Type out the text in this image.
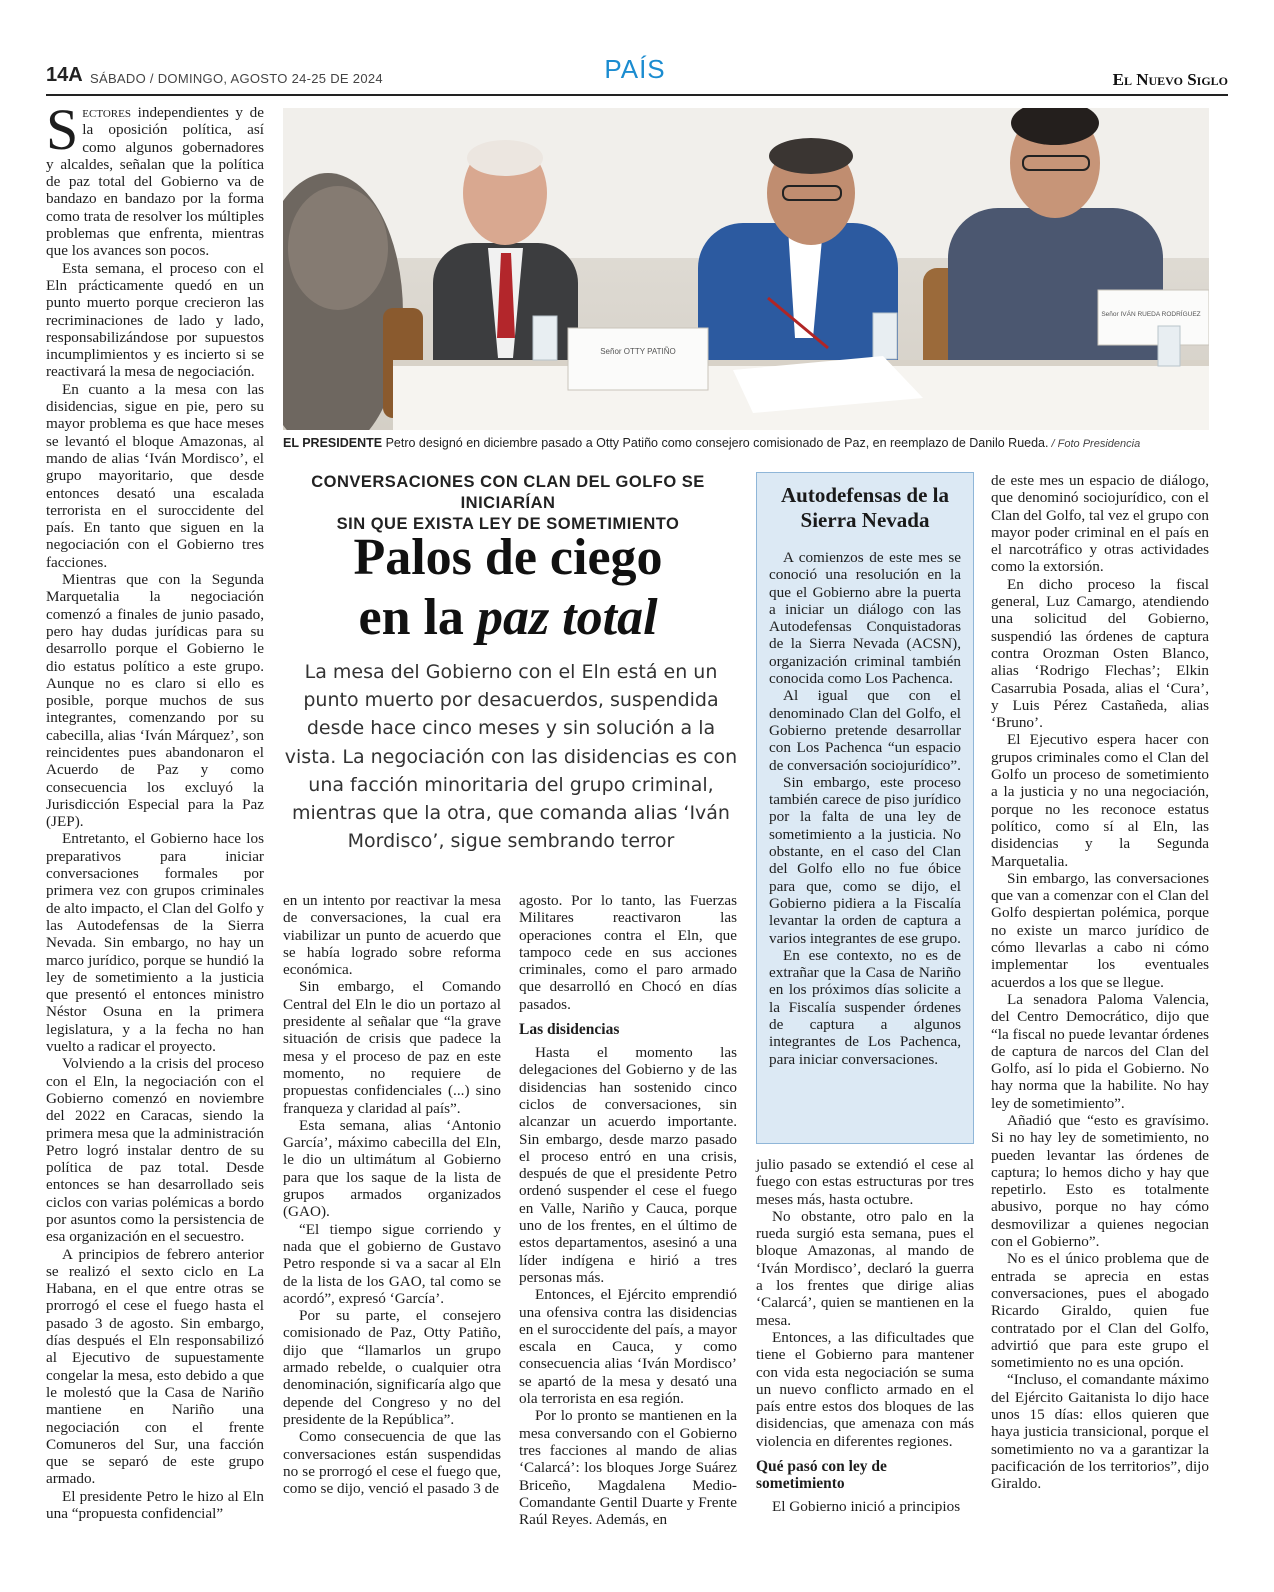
14A SÁBADO / DOMINGO, AGOSTO 24-25 DE 2024	PAÍS	El Nuevo Siglo

Sectores independientes y de la oposición política, así como algunos gobernadores y alcaldes, señalan que la política de paz total del Gobierno va de bandazo en bandazo por la forma como trata de resolver los múltiples problemas que enfrenta, mientras que los avances son pocos.

Esta semana, el proceso con el Eln prácticamente quedó en un punto muerto porque crecieron las recriminaciones de lado y lado, responsabilizándose por supuestos incumplimientos y es incierto si se reactivará la mesa de negociación.

En cuanto a la mesa con las disidencias, sigue en pie, pero su mayor problema es que hace meses se levantó el bloque Amazonas, al mando de alias ‘Iván Mordisco’, el grupo mayoritario, que desde entonces desató una escalada terrorista en el suroccidente del país. En tanto que siguen en la negociación con el Gobierno tres facciones.

Mientras que con la Segunda Marquetalia la negociación comenzó a finales de junio pasado, pero hay dudas jurídicas para su desarrollo porque el Gobierno le dio estatus político a este grupo. Aunque no es claro si ello es posible, porque muchos de sus integrantes, comenzando por su cabecilla, alias ‘Iván Márquez’, son reincidentes pues abandonaron el Acuerdo de Paz y como consecuencia los excluyó la Jurisdicción Especial para la Paz (JEP).

Entretanto, el Gobierno hace los preparativos para iniciar conversaciones formales por primera vez con grupos criminales de alto impacto, el Clan del Golfo y las Autodefensas de la Sierra Nevada. Sin embargo, no hay un marco jurídico, porque se hundió la ley de sometimiento a la justicia que presentó el entonces ministro Néstor Osuna en la primera legislatura, y a la fecha no han vuelto a radicar el proyecto.

Volviendo a la crisis del proceso con el Eln, la negociación con el Gobierno comenzó en noviembre del 2022 en Caracas, siendo la primera mesa que la administración Petro logró instalar dentro de su política de paz total. Desde entonces se han desarrollado seis ciclos con varias polémicas a bordo por asuntos como la persistencia de esa organización en el secuestro.

A principios de febrero anterior se realizó el sexto ciclo en La Habana, en el que entre otras se prorrogó el cese el fuego hasta el pasado 3 de agosto. Sin embargo, días después el Eln responsabilizó al Ejecutivo de supuestamente congelar la mesa, esto debido a que le molestó que la Casa de Nariño mantiene en Nariño una negociación con el frente Comuneros del Sur, una facción que se separó de este grupo armado.

El presidente Petro le hizo al Eln una “propuesta confidencial”

Señor OTTY PATIÑO
Señor IVÁN RUEDA RODRÍGUEZ
EL PRESIDENTE Petro designó en diciembre pasado a Otty Patiño como consejero comisionado de Paz, en reemplazo de Danilo Rueda. / Foto Presidencia
CONVERSACIONES CON CLAN DEL GOLFO SE INICIARÍAN
SIN QUE EXISTA LEY DE SOMETIMIENTO
Palos de ciego
en la paz total
La mesa del Gobierno con el Eln está en un punto muerto por desacuerdos, suspendida desde hace cinco meses y sin solución a la vista. La negociación con las disidencias es con una facción minoritaria del grupo criminal, mientras que la otra, que comanda alias ‘Iván Mordisco’, sigue sembrando terror

en un intento por reactivar la mesa de conversaciones, la cual era viabilizar un punto de acuerdo que se había logrado sobre reforma económica.

Sin embargo, el Comando Central del Eln le dio un portazo al presidente al señalar que “la grave situación de crisis que padece la mesa y el proceso de paz en este momento, no requiere de propuestas confidenciales (...) sino franqueza y claridad al país”.

Esta semana, alias ‘Antonio García’, máximo cabecilla del Eln, le dio un ultimátum al Gobierno para que los saque de la lista de grupos armados organizados (GAO).

“El tiempo sigue corriendo y nada que el gobierno de Gustavo Petro responde si va a sacar al Eln de la lista de los GAO, tal como se acordó”, expresó ‘García’.

Por su parte, el consejero comisionado de Paz, Otty Patiño, dijo que “llamarlos un grupo armado rebelde, o cualquier otra denominación, significaría algo que depende del Congreso y no del presidente de la República”.

Como consecuencia de que las conversaciones están suspendidas no se prorrogó el cese el fuego que, como se dijo, venció el pasado 3 de

agosto. Por lo tanto, las Fuerzas Militares reactivaron las operaciones contra el Eln, que tampoco cede en sus acciones criminales, como el paro armado que desarrolló en Chocó en días pasados.

Las disidencias

Hasta el momento las delegaciones del Gobierno y de las disidencias han sostenido cinco ciclos de conversaciones, sin alcanzar un acuerdo importante. Sin embargo, desde marzo pasado el proceso entró en una crisis, después de que el presidente Petro ordenó suspender el cese el fuego en Valle, Nariño y Cauca, porque uno de los frentes, en el último de estos departamentos, asesinó a una líder indígena e hirió a tres personas más.

Entonces, el Ejército emprendió una ofensiva contra las disidencias en el suroccidente del país, a mayor escala en Cauca, y como consecuencia alias ‘Iván Mordisco’ se apartó de la mesa y desató una ola terrorista en esa región.

Por lo pronto se mantienen en la mesa conversando con el Gobierno tres facciones al mando de alias ‘Calarcá’: los bloques Jorge Suárez Briceño, Magdalena Medio-Comandante Gentil Duarte y Frente Raúl Reyes. Además, en

Autodefensas de la Sierra Nevada

A comienzos de este mes se conoció una resolución en la que el Gobierno abre la puerta a iniciar un diálogo con las Autodefensas Conquistadoras de la Sierra Nevada (ACSN), organización criminal también conocida como Los Pachenca.

Al igual que con el denominado Clan del Golfo, el Gobierno pretende desarrollar con Los Pachenca “un espacio de conversación sociojurídico”.

Sin embargo, este proceso también carece de piso jurídico por la falta de una ley de sometimiento a la justicia. No obstante, en el caso del Clan del Golfo ello no fue óbice para que, como se dijo, el Gobierno pidiera a la Fiscalía levantar la orden de captura a varios integrantes de ese grupo.

En ese contexto, no es de extrañar que la Casa de Nariño en los próximos días solicite a la Fiscalía suspender órdenes de captura a algunos integrantes de Los Pachenca, para iniciar conversaciones.

julio pasado se extendió el cese al fuego con estas estructuras por tres meses más, hasta octubre.

No obstante, otro palo en la rueda surgió esta semana, pues el bloque Amazonas, al mando de ‘Iván Mordisco’, declaró la guerra a los frentes que dirige alias ‘Calarcá’, quien se mantienen en la mesa.

Entonces, a las dificultades que tiene el Gobierno para mantener con vida esta negociación se suma un nuevo conflicto armado en el país entre estos dos bloques de las disidencias, que amenaza con más violencia en diferentes regiones.

Qué pasó con ley de sometimiento

El Gobierno inició a principios

de este mes un espacio de diálogo, que denominó sociojurídico, con el Clan del Golfo, tal vez el grupo con mayor poder criminal en el país en el narcotráfico y otras actividades como la extorsión.

En dicho proceso la fiscal general, Luz Camargo, atendiendo una solicitud del Gobierno, suspendió las órdenes de captura contra Orozman Osten Blanco, alias ‘Rodrigo Flechas’; Elkin Casarrubia Posada, alias el ‘Cura’, y Luis Pérez Castañeda, alias ‘Bruno’.

El Ejecutivo espera hacer con grupos criminales como el Clan del Golfo un proceso de sometimiento a la justicia y no una negociación, porque no les reconoce estatus político, como sí al Eln, las disidencias y la Segunda Marquetalia.

Sin embargo, las conversaciones que van a comenzar con el Clan del Golfo despiertan polémica, porque no existe un marco jurídico de cómo llevarlas a cabo ni cómo implementar los eventuales acuerdos a los que se llegue.

La senadora Paloma Valencia, del Centro Democrático, dijo que “la fiscal no puede levantar órdenes de captura de narcos del Clan del Golfo, así lo pida el Gobierno. No hay norma que la habilite. No hay ley de sometimiento”.

Añadió que “esto es gravísimo. Si no hay ley de sometimiento, no pueden levantar las órdenes de captura; lo hemos dicho y hay que repetirlo. Esto es totalmente abusivo, porque no hay cómo desmovilizar a quienes negocian con el Gobierno”.

No es el único problema que de entrada se aprecia en estas conversaciones, pues el abogado Ricardo Giraldo, quien fue contratado por el Clan del Golfo, advirtió que para este grupo el sometimiento no es una opción.

“Incluso, el comandante máximo del Ejército Gaitanista lo dijo hace unos 15 días: ellos quieren que haya justicia transicional, porque el sometimiento no va a garantizar la pacificación de los territorios”, dijo Giraldo.
